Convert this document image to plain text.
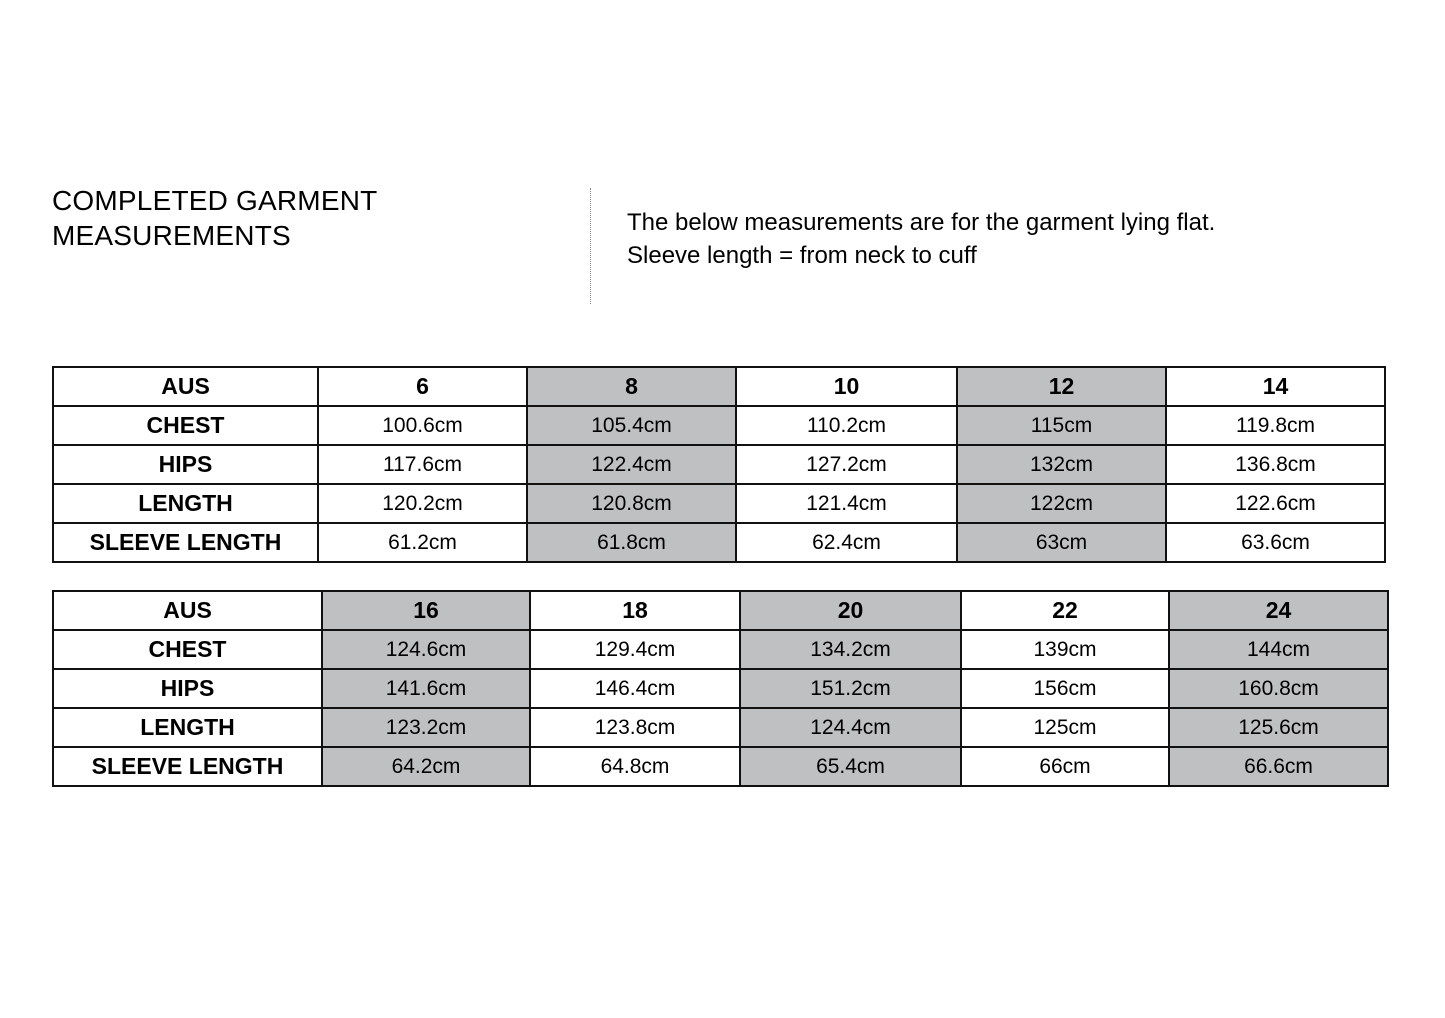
COMPLETED GARMENT
MEASUREMENTS	The below measurements are for the garment lying flat.
Sleeve length = from neck to cuff
AUS	6	8	10	12	14
CHEST	100.6cm	105.4cm	110.2cm	115cm	119.8cm
HIPS	117.6cm	122.4cm	127.2cm	132cm	136.8cm
LENGTH	120.2cm	120.8cm	121.4cm	122cm	122.6cm
SLEEVE LENGTH	61.2cm	61.8cm	62.4cm	63cm	63.6cm
AUS	16	18	20	22	24
CHEST	124.6cm	129.4cm	134.2cm	139cm	144cm
HIPS	141.6cm	146.4cm	151.2cm	156cm	160.8cm
LENGTH	123.2cm	123.8cm	124.4cm	125cm	125.6cm
SLEEVE LENGTH	64.2cm	64.8cm	65.4cm	66cm	66.6cm
